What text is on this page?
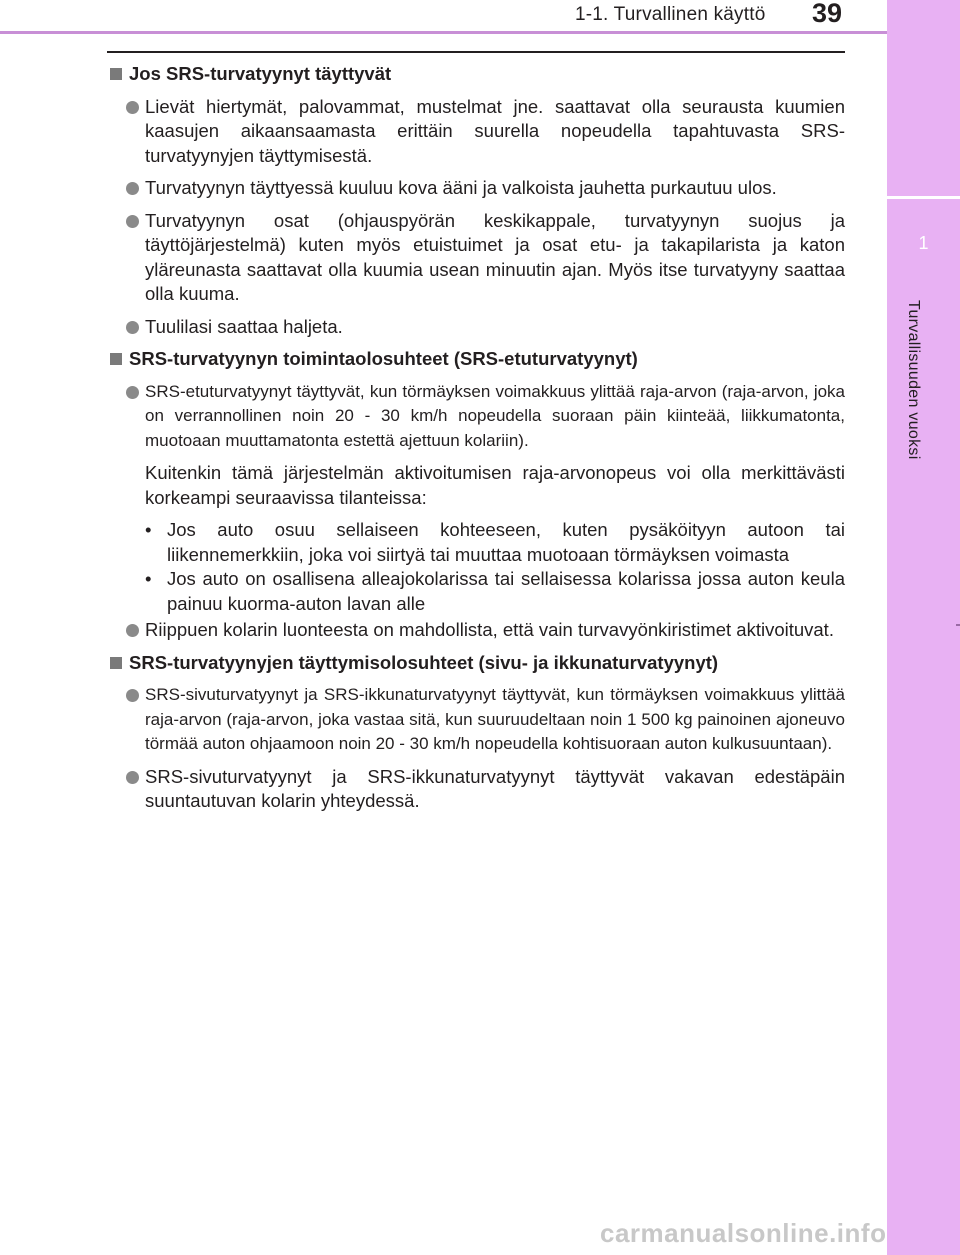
1-1. Turvallinen käyttö 39
1
Turvallisuuden vuoksi
Jos SRS-turvatyynyt täyttyvät
Lievät hiertymät, palovammat, mustelmat jne. saattavat olla seurausta kuumien kaasujen aikaansaamasta erittäin suurella nopeudella tapahtuvasta SRS-turvatyynyjen täyttymisestä.
Turvatyynyn täyttyessä kuuluu kova ääni ja valkoista jauhetta purkautuu ulos.
Turvatyynyn osat (ohjauspyörän keskikappale, turvatyynyn suojus ja täyttöjärjestelmä) kuten myös etuistuimet ja osat etu- ja takapilarista ja katon yläreunasta saattavat olla kuumia usean minuutin ajan. Myös itse turvatyyny saattaa olla kuuma.
Tuulilasi saattaa haljeta.
SRS-turvatyynyn toimintaolosuhteet (SRS-etuturvatyynyt)
SRS-etuturvatyynyt täyttyvät, kun törmäyksen voimakkuus ylittää raja-arvon (raja-arvon, joka on verrannollinen noin 20 - 30 km/h nopeudella suoraan päin kiinteää, liikkumatonta, muotoaan muuttamatonta estettä ajettuun kolariin).
Kuitenkin tämä järjestelmän aktivoitumisen raja-arvonopeus voi olla merkittävästi korkeampi seuraavissa tilanteissa:
• Jos auto osuu sellaiseen kohteeseen, kuten pysäköityyn autoon tai liikennemerkkiin, joka voi siirtyä tai muuttaa muotoaan törmäyksen voimasta
• Jos auto on osallisena alleajokolarissa tai sellaisessa kolarissa jossa auton keula painuu kuorma-auton lavan alle
Riippuen kolarin luonteesta on mahdollista, että vain turvavyönkiristimet aktivoituvat.
SRS-turvatyynyjen täyttymisolosuhteet (sivu- ja ikkunaturvatyynyt)
SRS-sivuturvatyynyt ja SRS-ikkunaturvatyynyt täyttyvät, kun törmäyksen voimakkuus ylittää raja-arvon (raja-arvon, joka vastaa sitä, kun suuruudeltaan noin 1 500 kg painoinen ajoneuvo törmää auton ohjaamoon noin 20 - 30 km/h nopeudella kohtisuoraan auton kulkusuuntaan).
SRS-sivuturvatyynyt ja SRS-ikkunaturvatyynyt täyttyvät vakavan edestäpäin suuntautuvan kolarin yhteydessä.
carmanualsonline.info
